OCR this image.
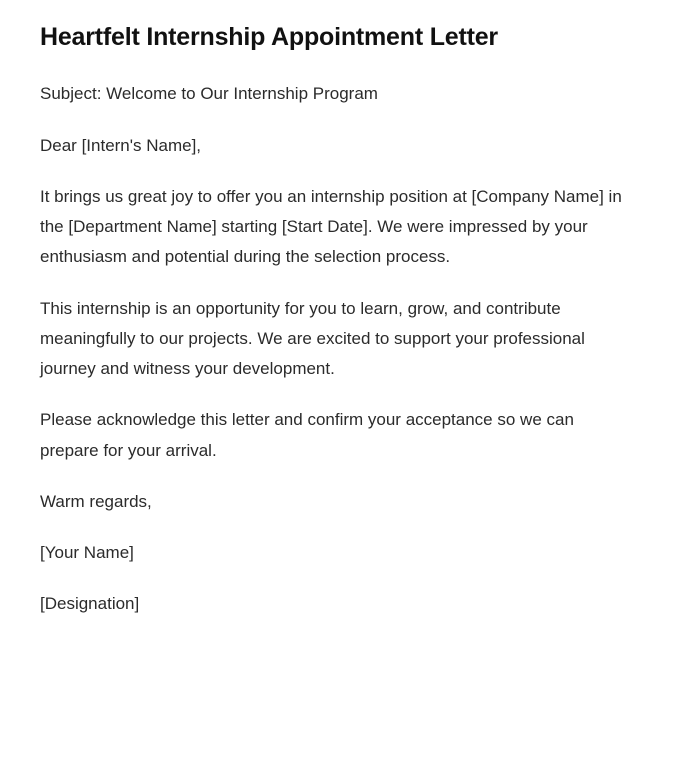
Heartfelt Internship Appointment Letter

Subject: Welcome to Our Internship Program

Dear [Intern's Name],

It brings us great joy to offer you an internship position at [Company Name] in the [Department Name] starting [Start Date]. We were impressed by your enthusiasm and potential during the selection process.

This internship is an opportunity for you to learn, grow, and contribute meaningfully to our projects. We are excited to support your professional journey and witness your development.

Please acknowledge this letter and confirm your acceptance so we can prepare for your arrival.

Warm regards,

[Your Name]

[Designation]
